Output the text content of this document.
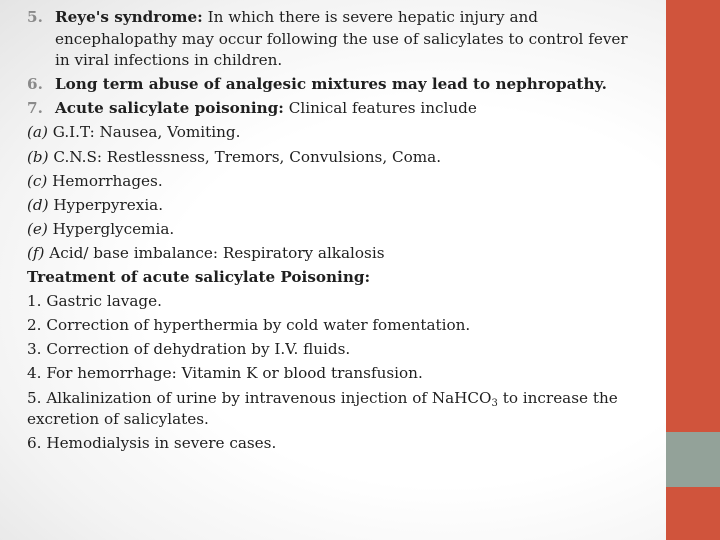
5. Reye's syndrome: In which there is severe hepatic injury and
encephalopathy may occur following the use of salicylates to control fever
in viral infections in children.
6. Long term abuse of analgesic mixtures may lead to nephropathy.
7. Acute salicylate poisoning: Clinical features include
(a) G.I.T: Nausea, Vomiting.
(b) C.N.S: Restlessness, Tremors, Convulsions, Coma.
(c) Hemorrhages.
(d) Hyperpyrexia.
(e) Hyperglycemia.
(f) Acid/ base imbalance: Respiratory alkalosis
Treatment of acute salicylate Poisoning:
1. Gastric lavage.
2. Correction of hyperthermia by cold water fomentation.
3. Correction of dehydration by I.V. fluids.
4. For hemorrhage: Vitamin K or blood transfusion.
5. Alkalinization of urine by intravenous injection of NaHCO$_3$ to increase the
excretion of salicylates.
6. Hemodialysis in severe cases.
